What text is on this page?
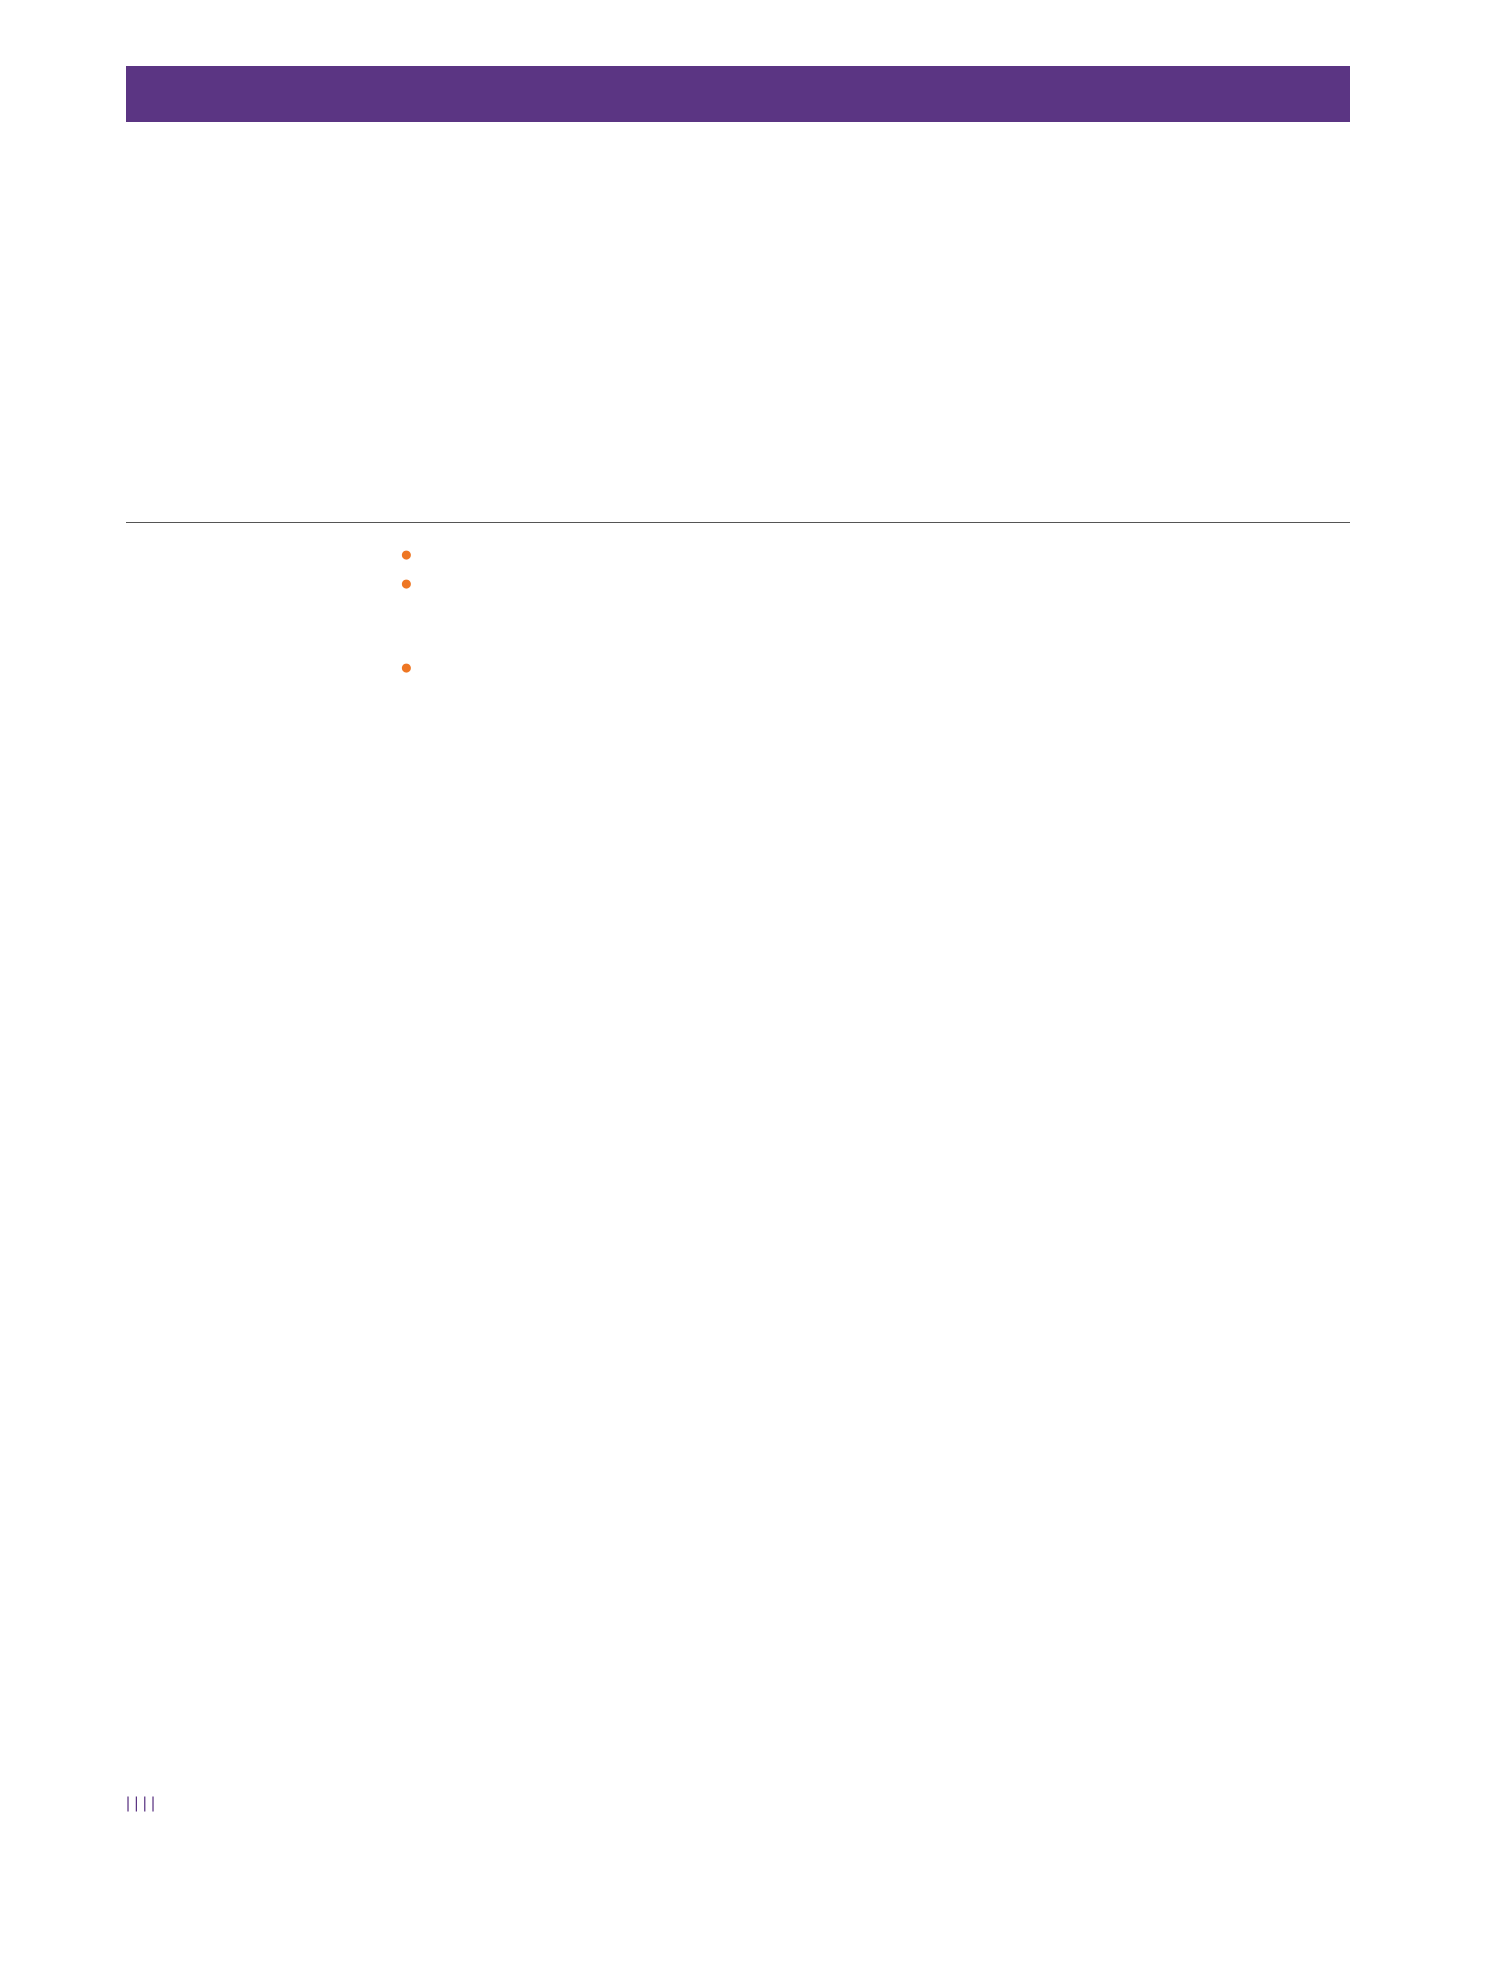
●
●

●
| | | |
